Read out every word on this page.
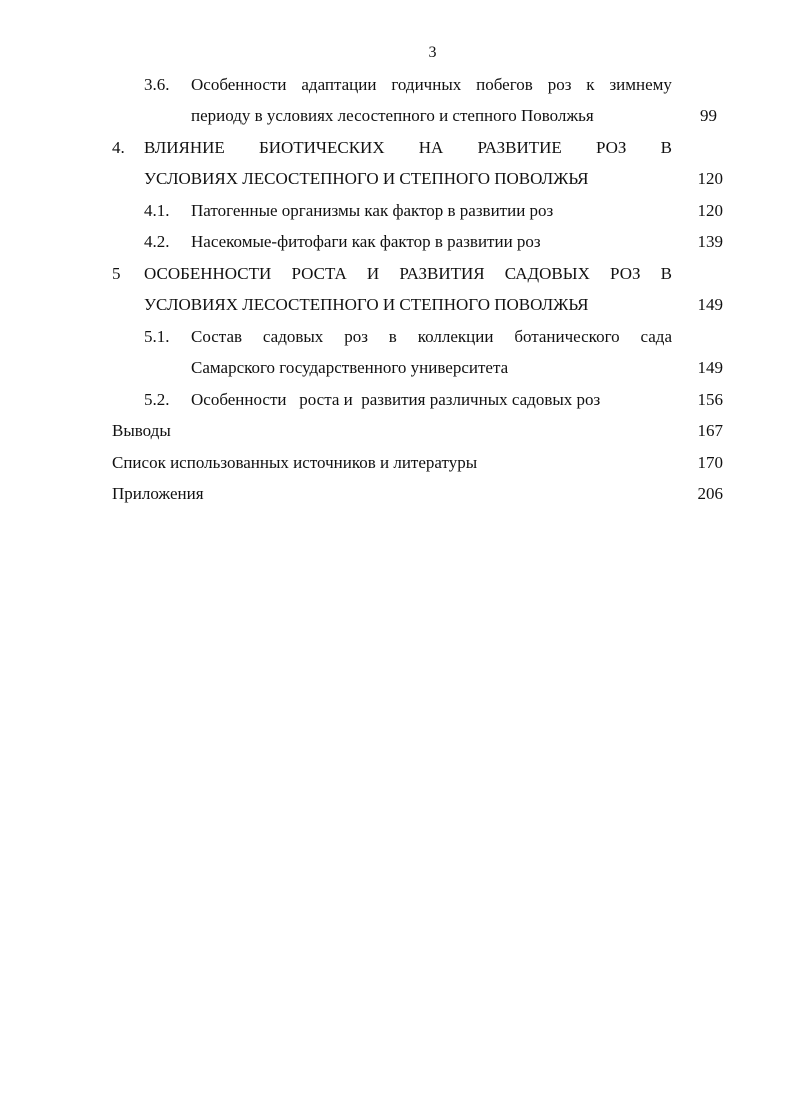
3
3.6. Особенности адаптации годичных побегов роз к зимнему
периоду в условиях лесостепного и степного Поволжья	99
4. ВЛИЯНИЕ БИОТИЧЕСКИХ НА РАЗВИТИЕ РОЗ В
УСЛОВИЯХ ЛЕСОСТЕПНОГО И СТЕПНОГО ПОВОЛЖЬЯ	120
4.1. Патогенные организмы как фактор в развитии роз	120
4.2. Насекомые-фитофаги как фактор в развитии роз	139
5 ОСОБЕННОСТИ РОСТА И РАЗВИТИЯ САДОВЫХ РОЗ В
УСЛОВИЯХ ЛЕСОСТЕПНОГО И СТЕПНОГО ПОВОЛЖЬЯ	149
5.1. Состав садовых роз в коллекции ботанического сада
Самарского государственного университета	149
5.2. Особенности   роста и  развития различных садовых роз	156
Выводы	167
Список использованных источников и литературы	170
Приложения	206
